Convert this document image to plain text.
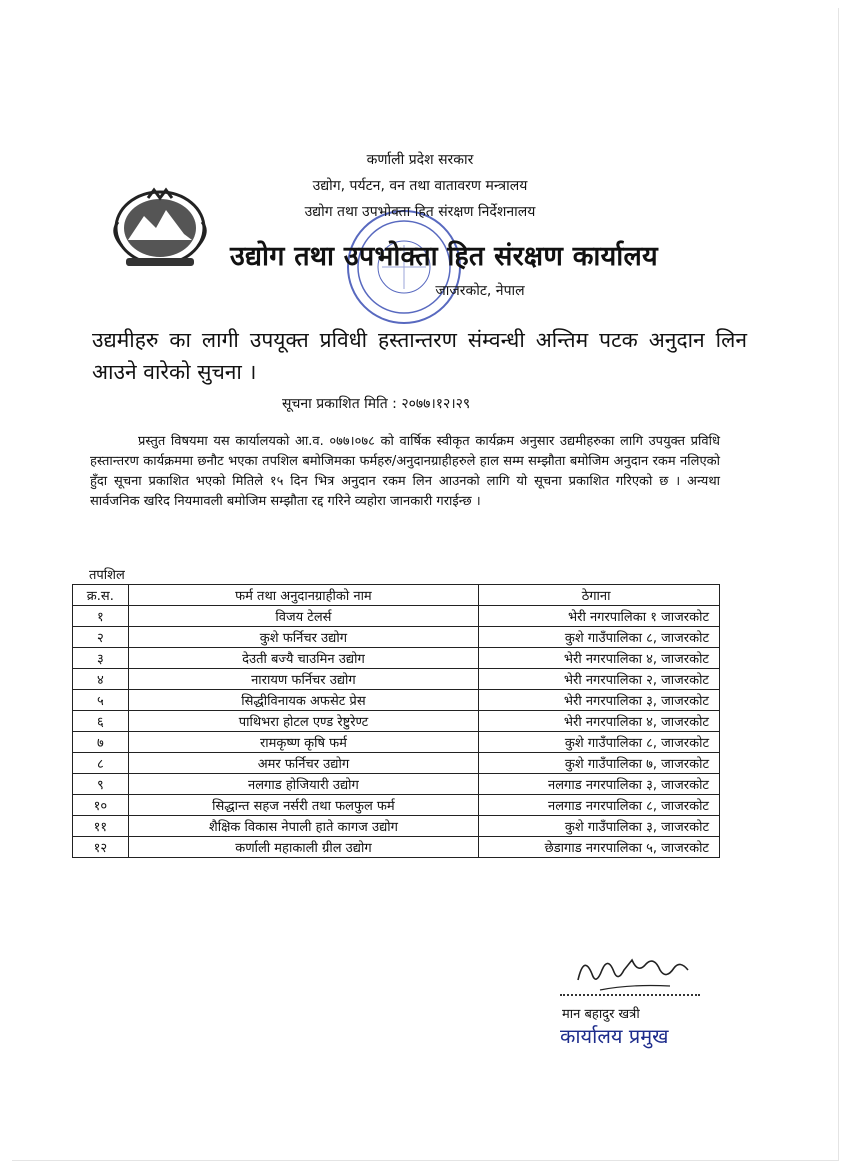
कर्णाली प्रदेश सरकार
उद्योग, पर्यटन, वन तथा वातावरण मन्त्रालय
उद्योग तथा उपभोक्ता हित संरक्षण निर्देशनालय
उद्योग तथा उपभोक्ता हित संरक्षण कार्यालय
जाजरकोट, नेपाल
उद्यमीहरु का लागी उपयूक्त प्रविधी हस्तान्तरण संम्वन्धी अन्तिम पटक अनुदान लिन आउने वारेको सुचना ।
सूचना प्रकाशित मिति : २०७७।१२।२९
प्रस्तुत विषयमा यस कार्यालयको आ.व. ०७७।०७८ को वार्षिक स्वीकृत कार्यक्रम अनुसार उद्यमीहरुका लागि उपयुक्त प्रविधि हस्तान्तरण कार्यक्रममा छनौट भएका तपशिल बमोजिमका फर्महरु/अनुदानग्राहीहरुले हाल सम्म सम्झौता बमोजिम अनुदान रकम नलिएको हुँदा सूचना प्रकाशित भएको मितिले १५ दिन भित्र अनुदान रकम लिन आउनको लागि यो सूचना प्रकाशित गरिएको छ । अन्यथा सार्वजनिक खरिद नियमावली बमोजिम सम्झौता रद्द गरिने व्यहोरा जानकारी गराईन्छ ।
तपशिल
क्र.स.	फर्म तथा अनुदानग्राहीको नाम	ठेगाना
१	विजय टेलर्स	भेरी नगरपालिका १ जाजरकोट
२	कुशे फर्निचर उद्योग	कुशे गाउँपालिका ८, जाजरकोट
३	देउती बज्यै चाउमिन उद्योग	भेरी नगरपालिका ४, जाजरकोट
४	नारायण फर्निचर उद्योग	भेरी नगरपालिका २, जाजरकोट
५	सिद्धीविनायक अफसेट प्रेस	भेरी नगरपालिका ३, जाजरकोट
६	पाथिभरा होटल एण्ड रेष्टुरेण्ट	भेरी नगरपालिका ४, जाजरकोट
७	रामकृष्ण कृषि फर्म	कुशे गाउँपालिका ८, जाजरकोट
८	अमर फर्निचर उद्योग	कुशे गाउँपालिका ७, जाजरकोट
९	नलगाड होजियारी उद्योग	नलगाड नगरपालिका ३, जाजरकोट
१०	सिद्धान्त सहज नर्सरी तथा फलफुल फर्म	नलगाड नगरपालिका ८, जाजरकोट
११	शैक्षिक विकास नेपाली हाते कागज उद्योग	कुशे गाउँपालिका ३, जाजरकोट
१२	कर्णाली महाकाली ग्रील उद्योग	छेडागाड नगरपालिका ५, जाजरकोट
मान बहादुर खत्री
कार्यालय प्रमुख
